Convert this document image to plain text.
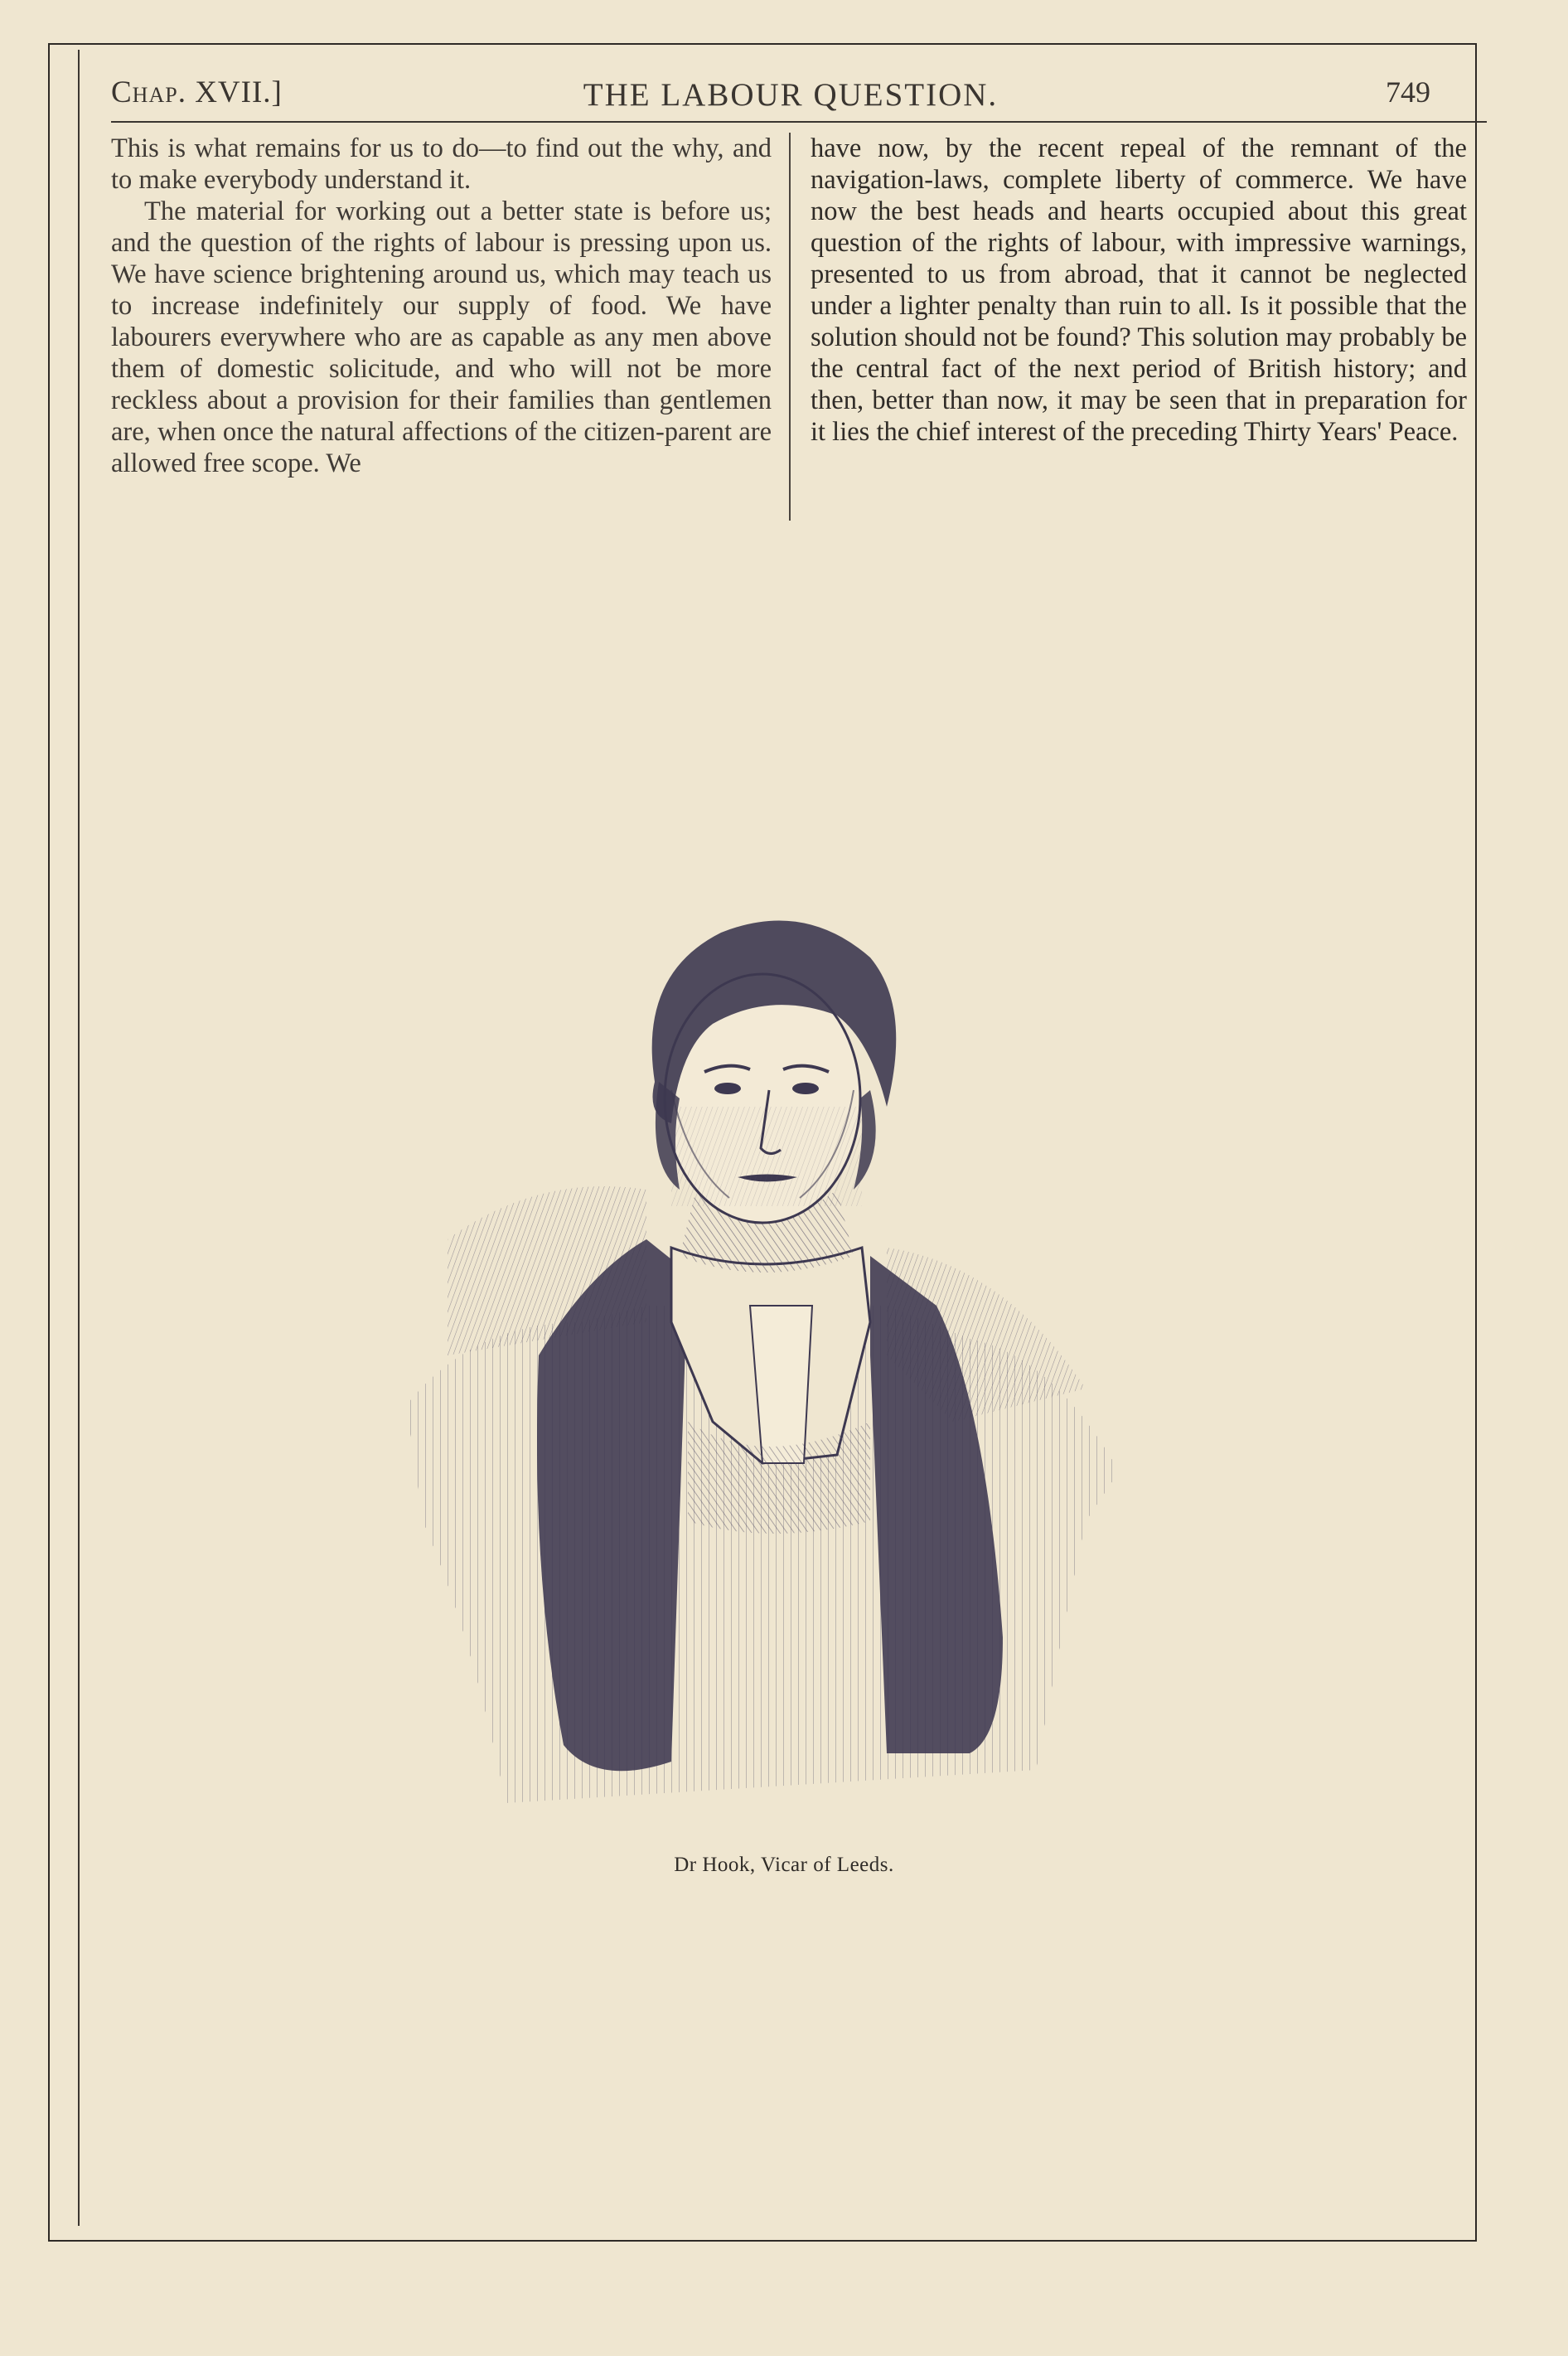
Chap. XVII.]	THE LABOUR QUESTION.	749

This is what remains for us to do—to find out the why, and to make everybody understand it.

The material for working out a better state is before us; and the question of the rights of labour is pressing upon us. We have science brightening around us, which may teach us to increase indefinitely our supply of food. We have labourers everywhere who are as capable as any men above them of domestic solicitude, and who will not be more reckless about a provision for their families than gentlemen are, when once the natural affections of the citizen-parent are allowed free scope. We

have now, by the recent repeal of the remnant of the navigation-laws, complete liberty of commerce. We have now the best heads and hearts occupied about this great question of the rights of labour, with impressive warnings, presented to us from abroad, that it cannot be neglected under a lighter penalty than ruin to all. Is it possible that the solution should not be found? This solution may probably be the central fact of the next period of British history; and then, better than now, it may be seen that in preparation for it lies the chief interest of the preceding Thirty Years' Peace.

Dr Hook, Vicar of Leeds.
